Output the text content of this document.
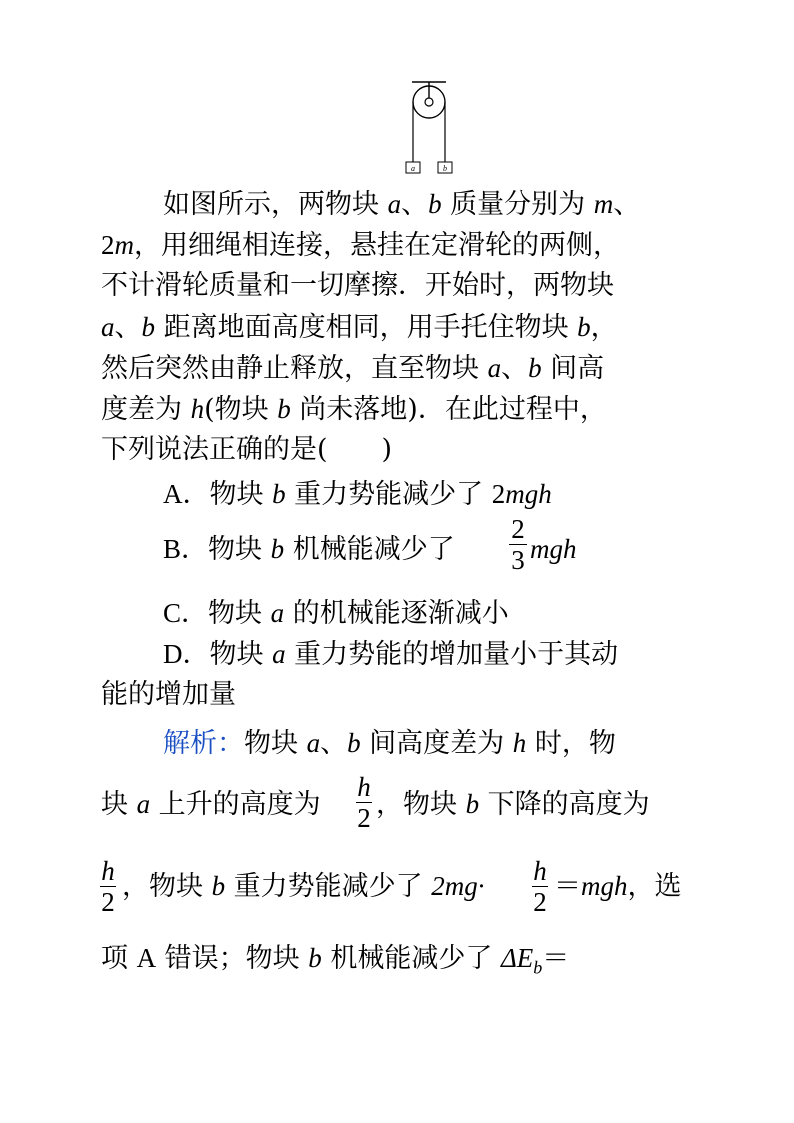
a	b
如图所示，两物块 a、b 质量分别为 m、
2m，用细绳相连接，悬挂在定滑轮的两侧，
不计滑轮质量和一切摩擦．开始时，两物块
a、b 距离地面高度相同，用手托住物块 b，
然后突然由静止释放，直至物块 a、b 间高
度差为 h(物块 b 尚未落地)．在此过程中，
下列说法正确的是(　　)
A．物块 b 重力势能减少了 2mgh
B．物块 b 机械能减少了
2
3 mgh
C．物块 a 的机械能逐渐减小
D．物块 a 重力势能的增加量小于其动
能的增加量
解析：物块 a、b 间高度差为 h 时，物
块 a 上升的高度为
h
2 ，物块 b 下降的高度为
h
2 ，物块 b 重力势能减少了 2mg· h
2 ＝mgh，选
项 A 错误；物块 b 机械能减少了 $\Delta E_b=$
